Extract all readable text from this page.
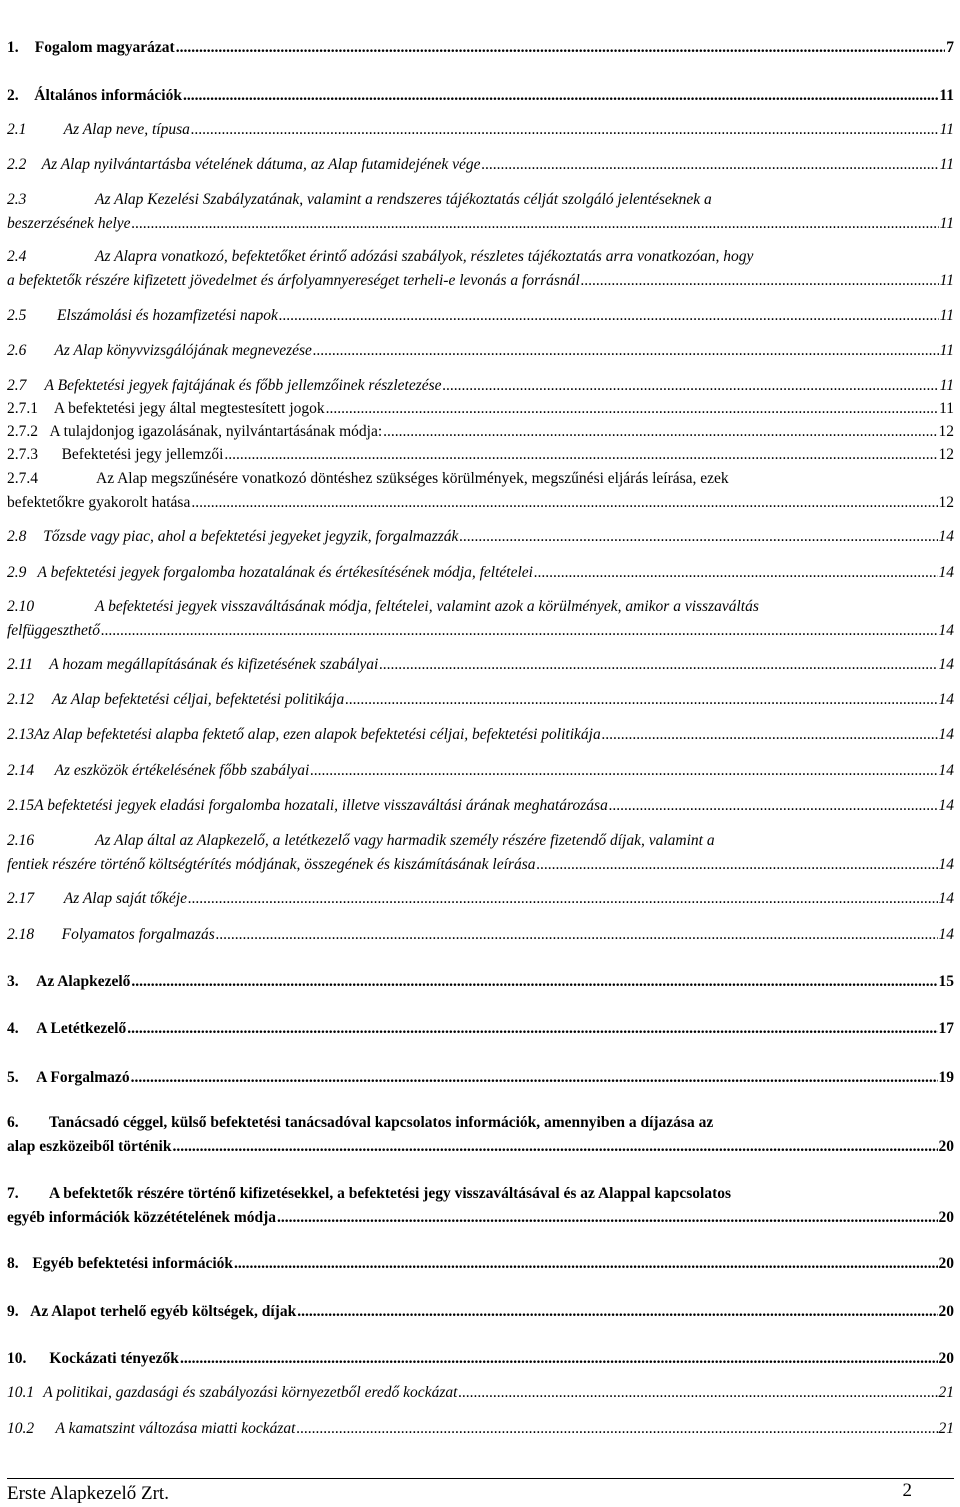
1.	Fogalom magyarázat .....	7
2.	Általános információk .....	11
2.1	Az Alap neve, típusa .....	11
2.2 Az Alap nyilvántartásba vételének dátuma, az Alap futamidejének vége .....	11
2.3	Az Alap Kezelési Szabályzatának, valamint a rendszeres tájékoztatás célját szolgáló jelentéseknek a
beszerzésének helye .....	11
2.4	Az Alapra vonatkozó, befektetőket érintő adózási szabályok, részletes tájékoztatás arra vonatkozóan, hogy
a befektetők részére kifizetett jövedelmet és árfolyamnyereséget terheli-e levonás a forrásnál .....	11
2.5	Elszámolási és hozamfizetési napok .....	11
2.6	Az Alap könyvvizsgálójának megnevezése .....	11
2.7	A Befektetési jegyek fajtájának és főbb jellemzőinek részletezése .....	11
2.7.1	A befektetési jegy által megtestesített jogok .....	11
2.7.2 A tulajdonjog igazolásának, nyilvántartásának módja: .....	12
2.7.3	Befektetési jegy jellemzői .....	12
2.7.4	Az Alap megszűnésére vonatkozó döntéshez szükséges körülmények, megszűnési eljárás leírása, ezek
befektetőkre gyakorolt hatása .....	12
2.8	Tőzsde vagy piac, ahol a befektetési jegyeket jegyzik, forgalmazzák .....	14
2.9 A befektetési jegyek forgalomba hozatalának és értékesítésének módja, feltételei .....	14
2.10	A befektetési jegyek visszaváltásának módja, feltételei, valamint azok a körülmények, amikor a visszaváltás
felfüggeszthető .....	14
2.11	A hozam megállapításának és kifizetésének szabályai .....	14
2.12	Az Alap befektetési céljai, befektetési politikája .....	14
2.13 Az Alap befektetési alapba fektető alap, ezen alapok befektetési céljai, befektetési politikája .....	14
2.14	Az eszközök értékelésének főbb szabályai .....	14
2.15 A befektetési jegyek eladási forgalomba hozatali, illetve visszaváltási árának meghatározása .....	14
2.16	Az Alap által az Alapkezelő, a letétkezelő vagy harmadik személy részére fizetendő díjak, valamint a
fentiek részére történő költségtérítés módjának, összegének és kiszámításának leírása .....	14
2.17	Az Alap saját tőkéje .....	14
2.18	Folyamatos forgalmazás .....	14
3.	Az Alapkezelő .....	15
4.	A Letétkezelő .....	17
5.	A Forgalmazó .....	19
6. Tanácsadó céggel, külső befektetési tanácsadóval kapcsolatos információk, amennyiben a díjazása az
alap eszközeiből történik .....	20
7. A befektetők részére történő kifizetésekkel, a befektetési jegy visszaváltásával és az Alappal kapcsolatos
egyéb információk közzétételének módja .....	20
8. Egyéb befektetési információk .....	20
9. Az Alapot terhelő egyéb költségek, díjak .....	20
10.	Kockázati tényezők .....	20
10.1 A politikai, gazdasági és szabályozási környezetből eredő kockázat .....	21
10.2	A kamatszint változása miatti kockázat .....	21
Erste Alapkezelő Zrt.	2
